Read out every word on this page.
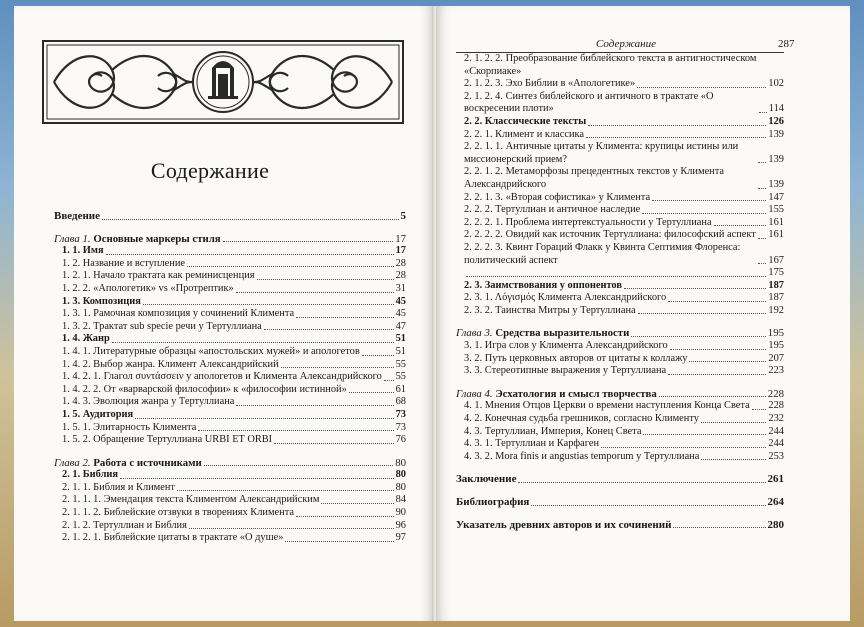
Содержание
Содержание	287
Введение	5
Глава 1. Основные маркеры стиля	17
1. 1. Имя	17
1. 2. Название и вступление	28
1. 2. 1. Начало трактата как реминисценция	28
1. 2. 2. «Апологетик» vs «Протрептик»	31
1. 3. Композиция	45
1. 3. 1. Рамочная композиция у сочинений Климента	45
1. 3. 2. Трактат sub specie речи у Тертуллиана	47
1. 4. Жанр	51
1. 4. 1. Литературные образцы «апостольских мужей» и апологетов	51
1. 4. 2. Выбор жанра. Климент Александрийский	55
1. 4. 2. 1. Глагол συντάσσειν у апологетов и Климента Александрийского 55
1. 4. 2. 2. От «варварской философии» к «философии истинной»	61
1. 4. 3. Эволюция жанра у Тертуллиана	68
1. 5. Аудитория	73
1. 5. 1. Элитарность Климента	73
1. 5. 2. Обращение Тертуллиана URBI ET ORBI	76
Глава 2. Работа с источниками	80
2. 1. Библия	80
2. 1. 1. Библия и Климент	80
2. 1. 1. 1. Эмендация текста Климентом Александрийским	84
2. 1. 1. 2. Библейские отзвуки в творениях Климента	90
2. 1. 2. Тертуллиан и Библия	96
2. 1. 2. 1. Библейские цитаты в трактате «О душе»	97
2. 1. 2. 2. Преобразование библейского текста в антигностическом «Скорпиаке»
2. 1. 2. 3. Эхо Библии в «Апологетике»	102
2. 1. 2. 4. Синтез библейского и античного в трактате «О воскресении плоти»	114
2. 2. Классические тексты	126
2. 2. 1. Климент и классика	139
2. 2. 1. 1. Античные цитаты у Климента: крупицы истины или миссионерский прием?	139
2. 2. 1. 2. Метаморфозы прецедентных текстов у Климента Александрийского	139
2. 2. 1. 3. «Вторая софистика» у Климента	147
2. 2. 2. Тертуллиан и античное наследие	155
2. 2. 2. 1. Проблема интертекстуальности у Тертуллиана	161
2. 2. 2. 2. Овидий как источник Тертуллиана: философский аспект 161
2. 2. 2. 3. Квинт Гораций Флакк у Квинта Септимия Флоренса: политический аспект	167
175
2. 3. Заимствования у оппонентов	187
2. 3. 1. Λόγισμός Климента Александрийского	187
2. 3. 2. Таинства Митры у Тертуллиана	192
Глава 3. Средства выразительности	195
3. 1. Игра слов у Климента Александрийского	195
3. 2. Путь церковных авторов от цитаты к коллажу	207
3. 3. Стереотипные выражения у Тертуллиана	223
Глава 4. Эсхатология и смысл творчества	228
4. 1. Мнения Отцов Церкви о времени наступления Конца Света 228
4. 2. Конечная судьба грешников, согласно Клименту	232
4. 3. Тертуллиан, Империя, Конец Света	244
4. 3. 1. Тертуллиан и Карфаген	244
4. 3. 2. Mora finis и angustias temporum у Тертуллиана	253
Заключение	261
Библиография	264
Указатель древних авторов и их сочинений	280
